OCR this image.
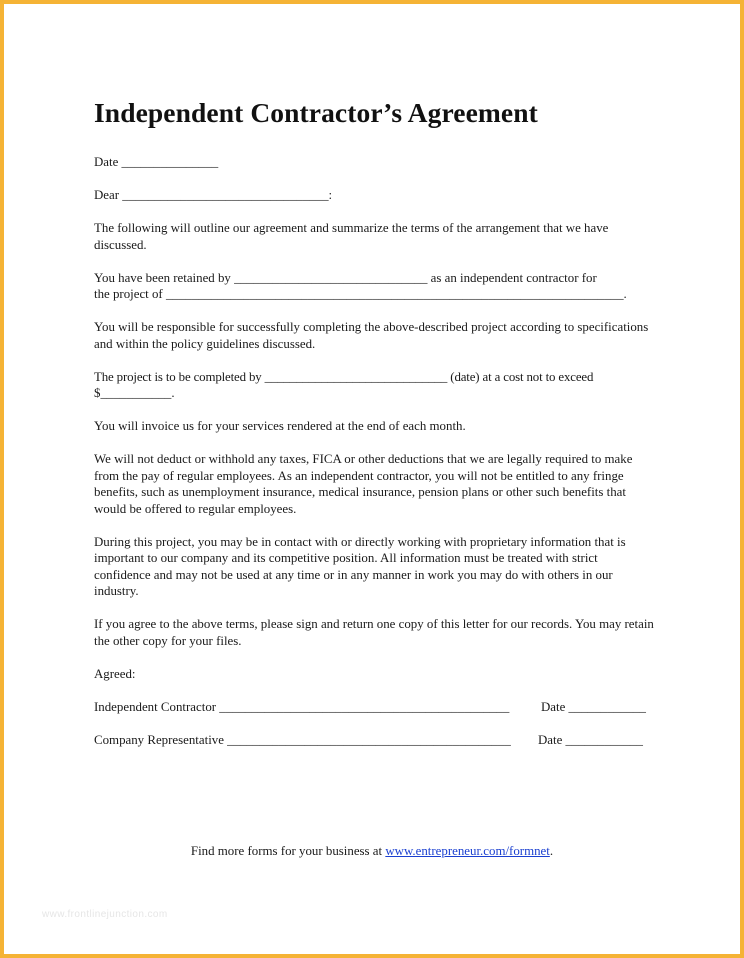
Independent Contractor’s Agreement

Date _______________

Dear ________________________________:

The following will outline our agreement and summarize the terms of the arrangement that we have discussed.

You have been retained by ______________________________ as an independent contractor for
the project of _______________________________________________________________________.

You will be responsible for successfully completing the above-described project according to specifications and within the policy guidelines discussed.

The project is to be completed by _____________________________ (date) at a cost not to exceed
$___________.

You will invoice us for your services rendered at the end of each month.

We will not deduct or withhold any taxes, FICA or other deductions that we are legally required to make from the pay of regular employees. As an independent contractor, you will not be entitled to any fringe benefits, such as unemployment insurance, medical insurance, pension plans or other such benefits that would be offered to regular employees.

During this project, you may be in contact with or directly working with proprietary information that is important to our company and its competitive position. All information must be treated with strict confidence and may not be used at any time or in any manner in work you may do with others in our industry.

If you agree to the above terms, please sign and return one copy of this letter for our records. You may retain the other copy for your files.

Agreed:

Independent Contractor _____________________________________________ Date ____________
Company Representative ____________________________________________ Date ____________
Find more forms for your business at www.entrepreneur.com/formnet.
www.frontlinejunction.com
